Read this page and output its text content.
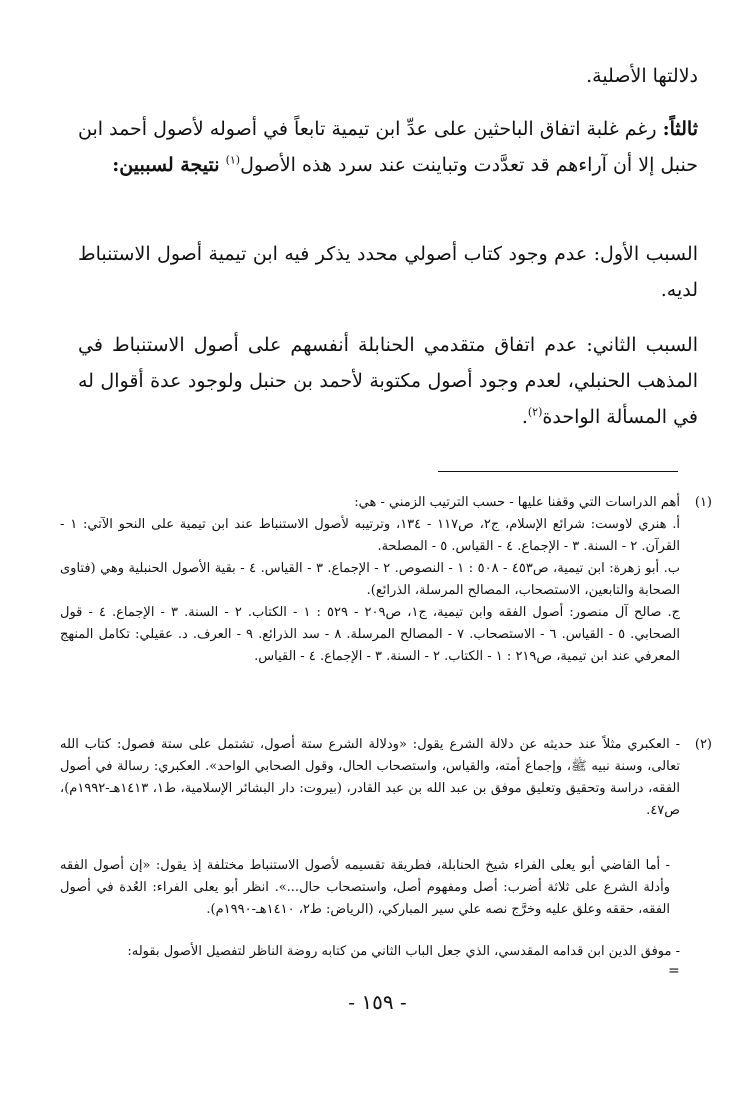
دلالتها الأصلية.
ثالثاً: رغم غلبة اتفاق الباحثين على عدِّ ابن تيمية تابعاً في أصوله لأصول أحمد ابن حنبل إلا أن آراءهم قد تعدَّدت وتباينت عند سرد هذه الأصول$^{(١)}$ نتيجة لسببين:
السبب الأول: عدم وجود كتاب أصولي محدد يذكر فيه ابن تيمية أصول الاستنباط لديه.
السبب الثاني: عدم اتفاق متقدمي الحنابلة أنفسهم على أصول الاستنباط في المذهب الحنبلي، لعدم وجود أصول مكتوبة لأحمد بن حنبل ولوجود عدة أقوال له في المسألة الواحدة$^{(٢)}$.
(١)

أهم الدراسات التي وقفنا عليها - حسب الترتيب الزمني - هي:

أ. هنري لاوست: شرائع الإسلام، ج٢، ص١١٧ - ١٣٤، وترتيبه لأصول الاستنباط عند ابن تيمية على النحو الآتي: ١ - القرآن. ٢ - السنة. ٣ - الإجماع. ٤ - القياس. ٥ - المصلحة.

ب. أبو زهرة: ابن تيمية، ص٤٥٣ - ٥٠٨ : ١ - النصوص. ٢ - الإجماع. ٣ - القياس. ٤ - بقية الأصول الحنبلية وهي (فتاوى الصحابة والتابعين، الاستصحاب، المصالح المرسلة، الذرائع).

ج. صالح آل منصور: أصول الفقه وابن تيمية، ج١، ص٢٠٩ - ٥٢٩ : ١ - الكتاب. ٢ - السنة. ٣ - الإجماع. ٤ - قول الصحابي. ٥ - القياس. ٦ - الاستصحاب. ٧ - المصالح المرسلة. ٨ - سد الذرائع. ٩ - العرف. د. عقيلي: تكامل المنهج المعرفي عند ابن تيمية، ص٢١٩ : ١ - الكتاب. ٢ - السنة. ٣ - الإجماع. ٤ - القياس.

(٢)

- العكبري مثلاً عند حديثه عن دلالة الشرع يقول: «ودلالة الشرع ستة أصول، تشتمل على ستة فصول: كتاب الله تعالى، وسنة نبيه ﷺ، وإجماع أمته، والقياس، واستصحاب الحال، وقول الصحابي الواحد». العكبري: رسالة في أصول الفقه، دراسة وتحقيق وتعليق موفق بن عبد الله بن عبد القادر، (بيروت: دار البشائر الإسلامية، ط١، ١٤١٣هـ-١٩٩٢م)، ص٤٧.

- أما القاضي أبو يعلى الفراء شيخ الحنابلة، فطريقة تقسيمه لأصول الاستنباط مختلفة إذ يقول: «إن أصول الفقه وأدلة الشرع على ثلاثة أضرب: أصل ومفهوم أصل، واستصحاب حال...». انظر أبو يعلى الفراء: العُدة في أصول الفقه، حققه وعلق عليه وخرَّج نصه علي سير المباركي، (الرياض: ط٢، ١٤١٠هـ-١٩٩٠م).

- موفق الدين ابن قدامه المقدسي، الذي جعل الباب الثاني من كتابه روضة الناظر لتفصيل الأصول بقوله:

=
- ١٥٩ -
